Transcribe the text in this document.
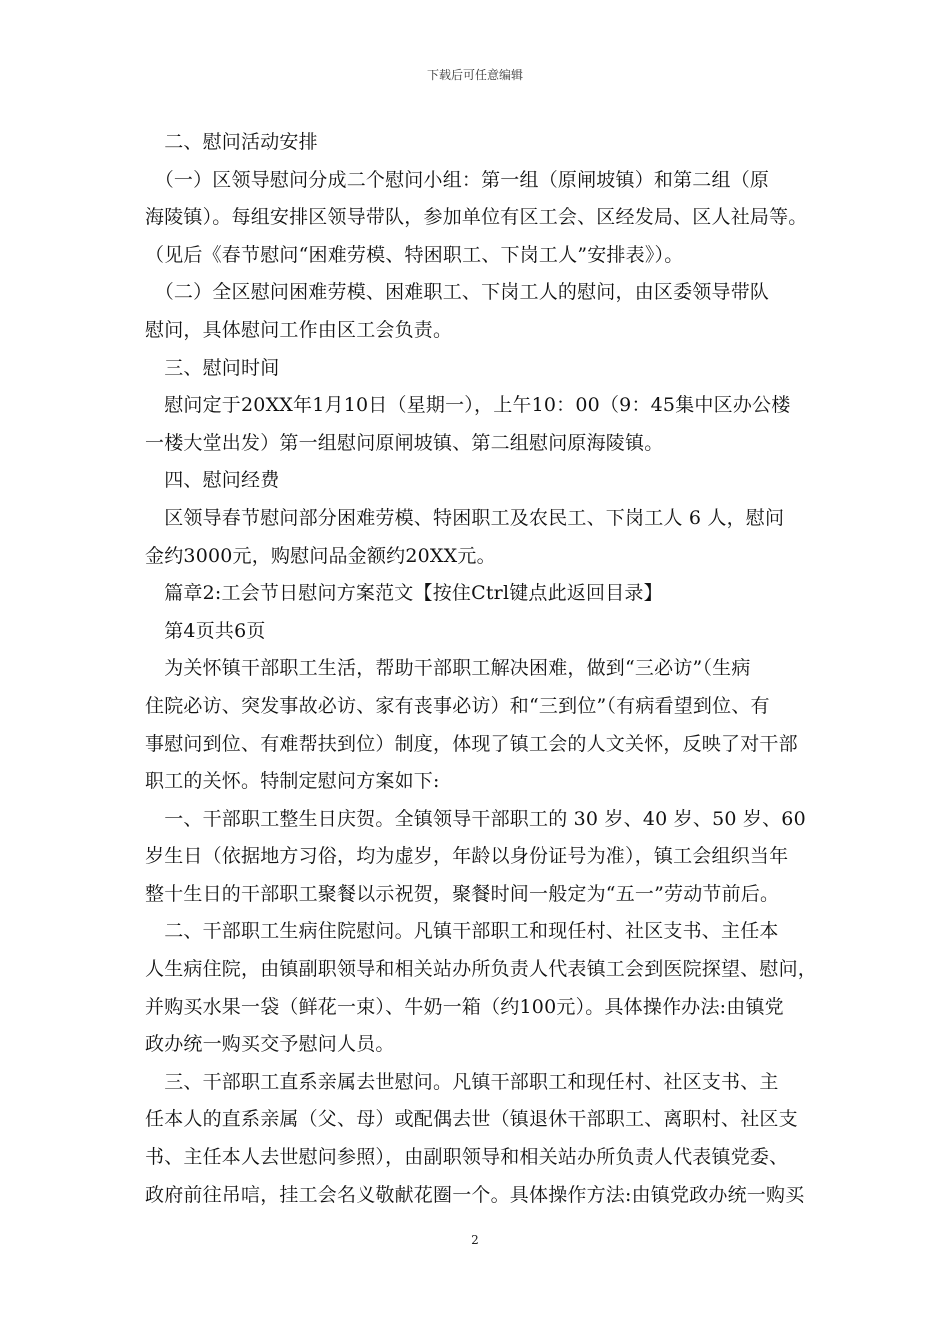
下载后可任意编辑
　二、慰问活动安排
　（一）区领导慰问分成二个慰问小组：第一组（原闸坡镇）和第二组（原
海陵镇）。每组安排区领导带队，参加单位有区工会、区经发局、区人社局等。
（见后《春节慰问“困难劳模、特困职工、下岗工人”安排表》）。
　（二）全区慰问困难劳模、困难职工、下岗工人的慰问，由区委领导带队
慰问，具体慰问工作由区工会负责。
　三、慰问时间
　慰问定于20XX年1月10日（星期一），上午10：00（9：45集中区办公楼
一楼大堂出发）第一组慰问原闸坡镇、第二组慰问原海陵镇。
　四、慰问经费
　区领导春节慰问部分困难劳模、特困职工及农民工、下岗工人 6 人，慰问
金约3000元，购慰问品金额约20XX元。
　篇章2:工会节日慰问方案范文【按住Ctrl键点此返回目录】
　第4页共6页
　为关怀镇干部职工生活，帮助干部职工解决困难，做到“三必访”（生病
住院必访、突发事故必访、家有丧事必访）和“三到位”（有病看望到位、有
事慰问到位、有难帮扶到位）制度，体现了镇工会的人文关怀，反映了对干部
职工的关怀。特制定慰问方案如下:
　一、干部职工整生日庆贺。全镇领导干部职工的 30 岁、40 岁、50 岁、60
岁生日（依据地方习俗，均为虚岁，年龄以身份证号为准），镇工会组织当年
整十生日的干部职工聚餐以示祝贺，聚餐时间一般定为“五一”劳动节前后。
　二、干部职工生病住院慰问。凡镇干部职工和现任村、社区支书、主任本
人生病住院，由镇副职领导和相关站办所负责人代表镇工会到医院探望、慰问，
并购买水果一袋（鲜花一束）、牛奶一箱（约100元）。具体操作办法:由镇党
政办统一购买交予慰问人员。
　三、干部职工直系亲属去世慰问。凡镇干部职工和现任村、社区支书、主
任本人的直系亲属（父、母）或配偶去世（镇退休干部职工、离职村、社区支
书、主任本人去世慰问参照），由副职领导和相关站办所负责人代表镇党委、
政府前往吊唁，挂工会名义敬献花圈一个。具体操作方法:由镇党政办统一购买
2
